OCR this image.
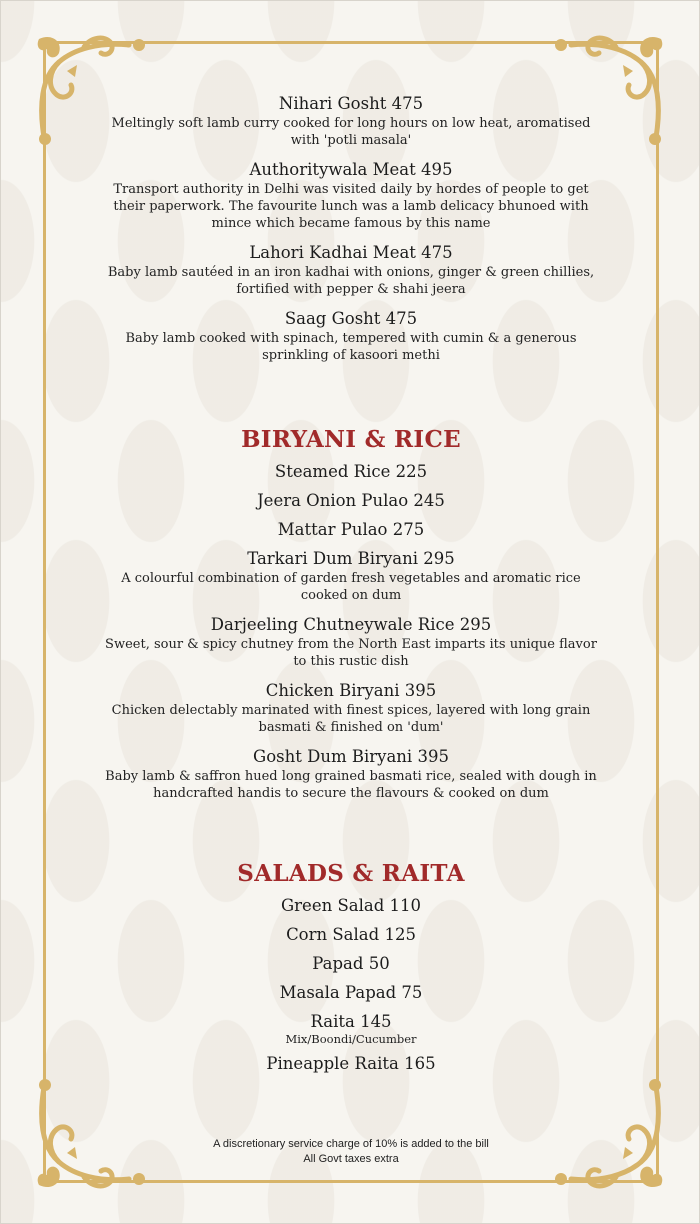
Nihari Gosht 475
Meltingly soft lamb curry cooked for long hours on low heat, aromatised with 'potli masala'
Authoritywala Meat 495
Transport authority in Delhi was visited daily by hordes of people to get their paperwork. The favourite lunch was a lamb delicacy bhunoed with mince which became famous by this name
Lahori Kadhai Meat 475
Baby lamb sautéed in an iron kadhai with onions, ginger & green chillies, fortified with pepper & shahi jeera
Saag Gosht 475
Baby lamb cooked with spinach, tempered with cumin & a generous sprinkling of kasoori methi
BIRYANI & RICE
Steamed Rice 225
Jeera Onion Pulao 245
Mattar Pulao 275
Tarkari Dum Biryani 295
A colourful combination of garden fresh vegetables and aromatic rice cooked on dum
Darjeeling Chutneywale Rice 295
Sweet, sour & spicy chutney from the North East imparts its unique flavor to this rustic dish
Chicken Biryani 395
Chicken delectably marinated with finest spices, layered with long grain basmati & finished on 'dum'
Gosht Dum Biryani 395
Baby lamb & saffron hued long grained basmati rice, sealed with dough in handcrafted handis to secure the flavours & cooked on dum
SALADS & RAITA
Green Salad 110
Corn Salad 125
Papad 50
Masala Papad 75
Raita 145
Mix/Boondi/Cucumber
Pineapple Raita 165
A discretionary service charge of 10% is added to the bill
All Govt taxes extra
